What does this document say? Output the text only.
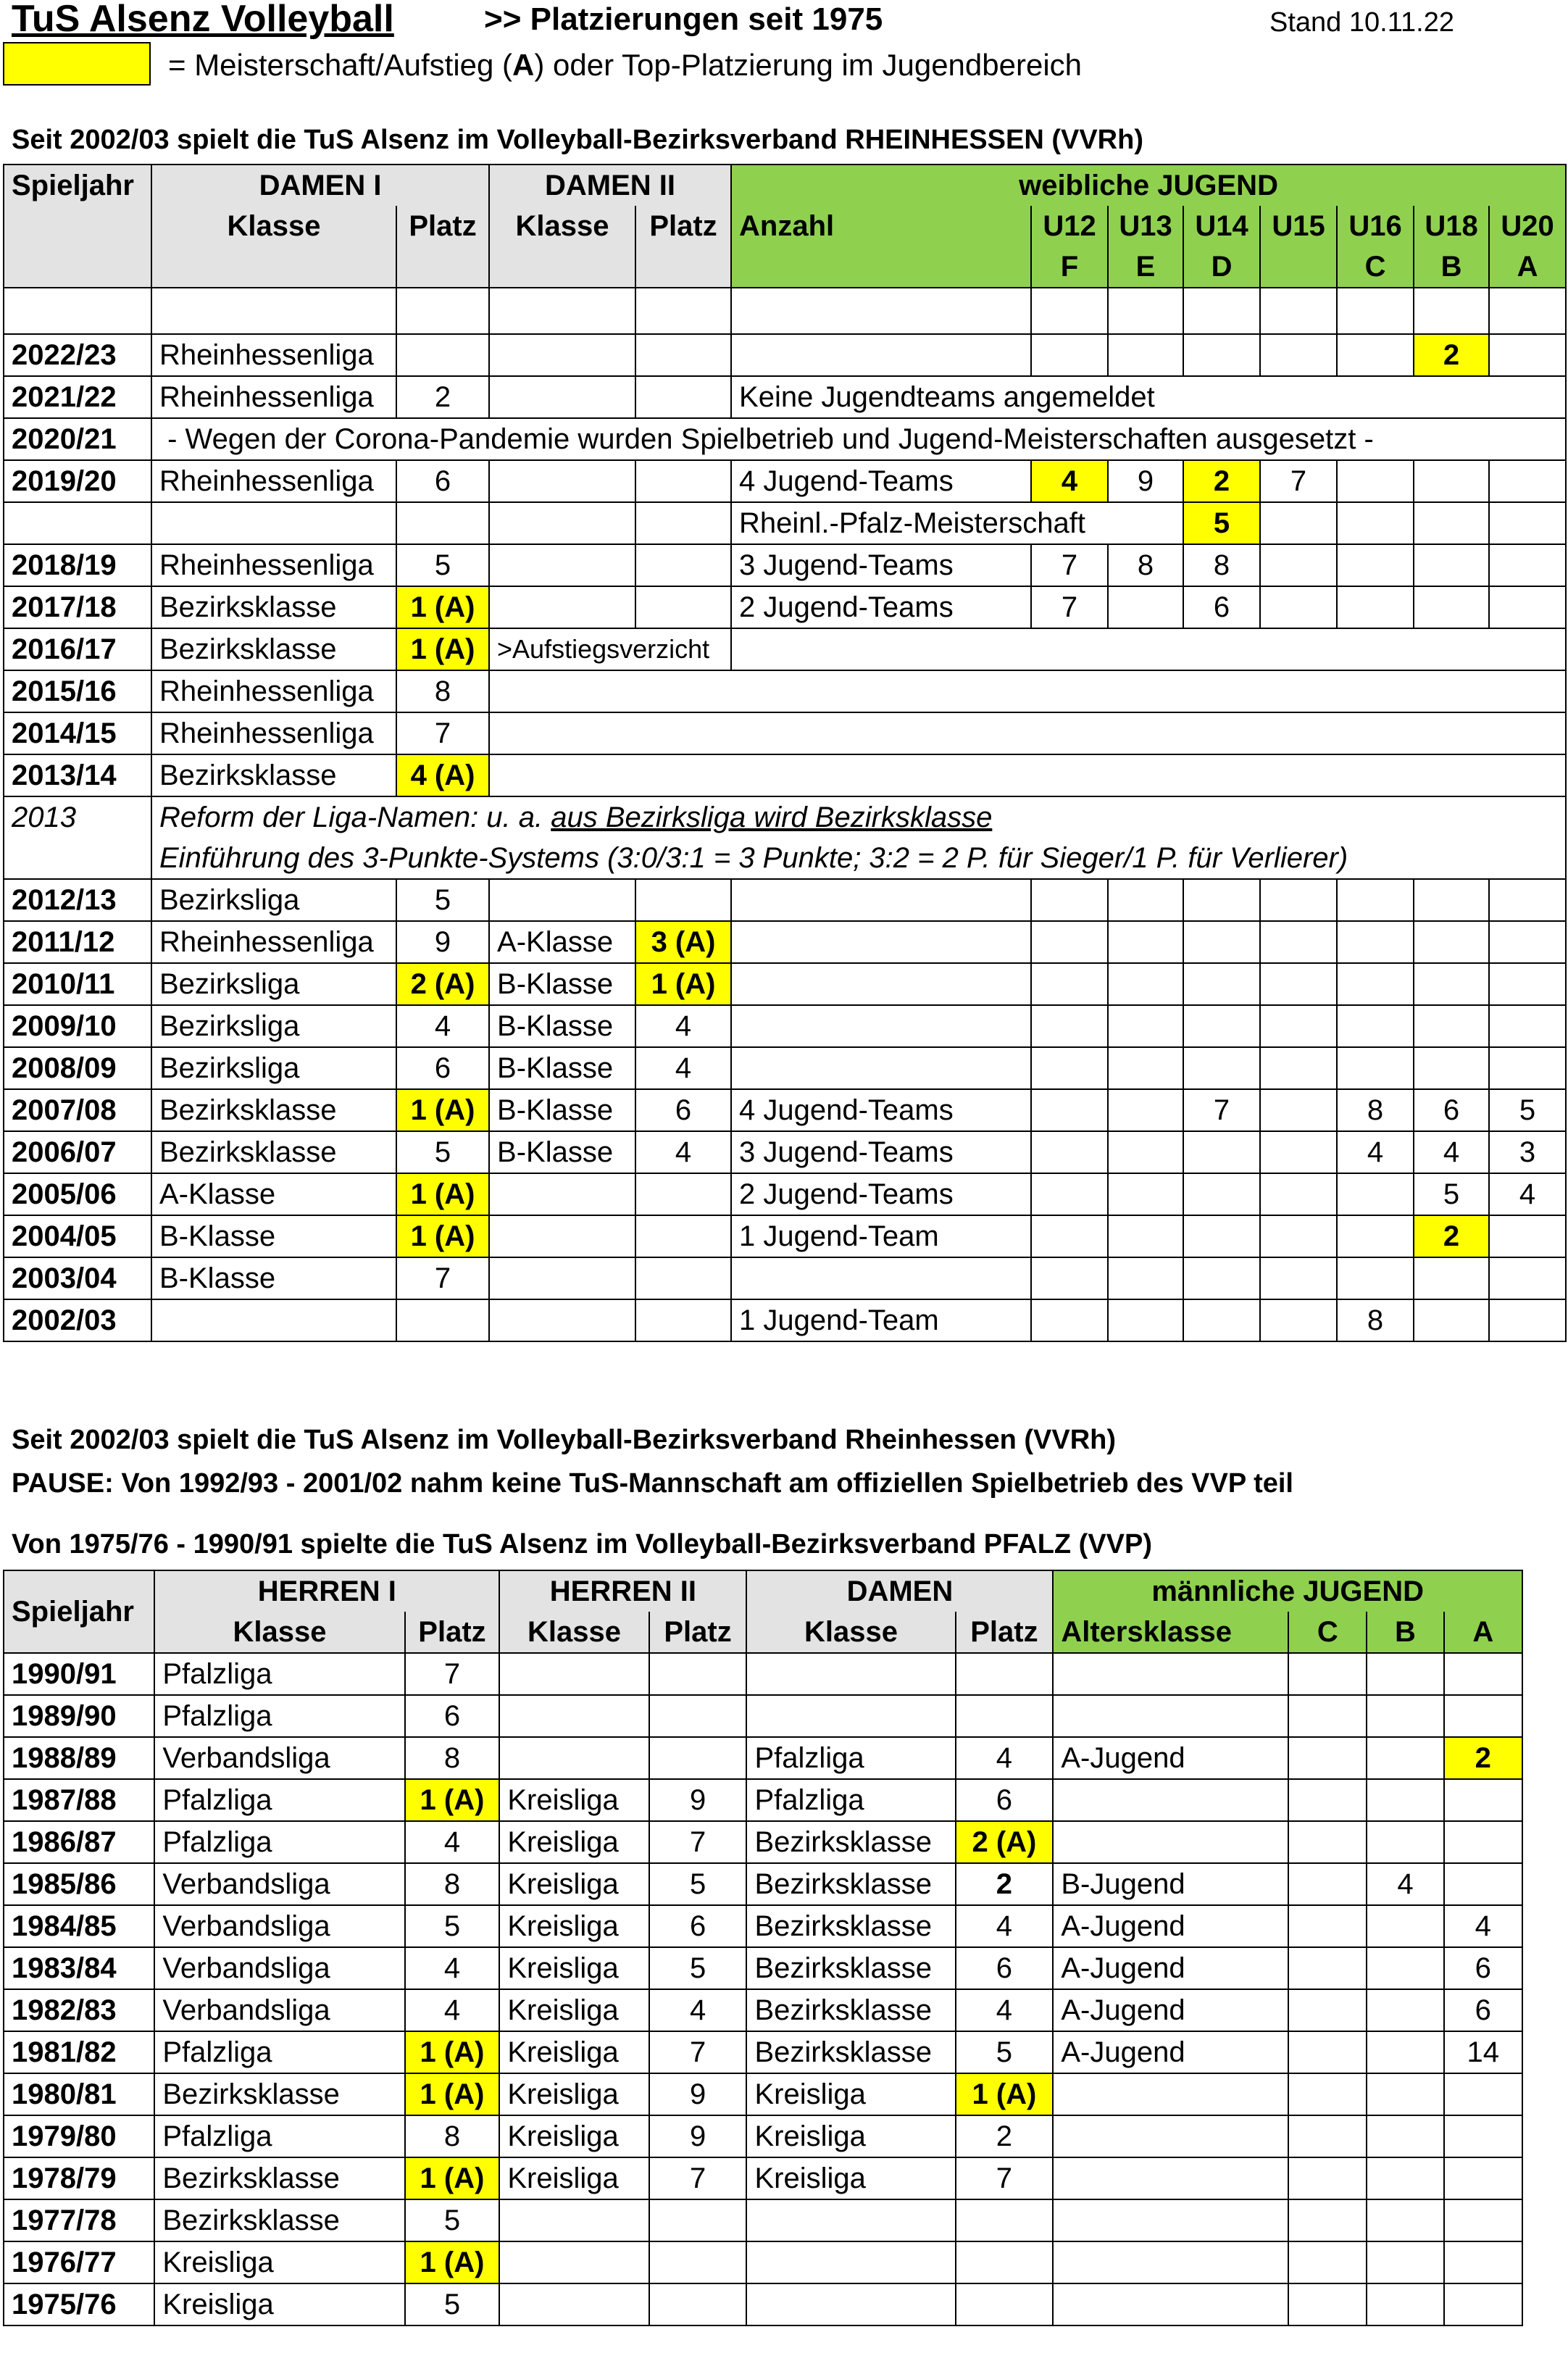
TuS Alsenz Volleyball	>> Platzierungen seit 1975	Stand 10.11.22
= Meisterschaft/Aufstieg (A) oder Top-Platzierung im Jugendbereich
Seit 2002/03 spielt die TuS Alsenz im Volleyball-Bezirksverband RHEINHESSEN (VVRh)
Spieljahr	DAMEN I		DAMEN II		weibliche JUGEND							
	Klasse	Platz	Klasse	Platz	Anzahl	U12	U13	U14	U15	U16	U18	U20
						F	E	D		C	B	A

2022/23	Rheinhessenliga										2	
2021/22	Rheinhessenliga	2			Keine Jugendteams angemeldet							
2020/21	- Wegen der Corona-Pandemie wurden Spielbetrieb und Jugend-Meisterschaften ausgesetzt -											
2019/20	Rheinhessenliga	6			4 Jugend-Teams	4	9	2	7			
					Rheinl.-Pfalz-Meisterschaft			5				
2018/19	Rheinhessenliga	5			3 Jugend-Teams	7	8	8				
2017/18	Bezirksklasse	1 (A)			2 Jugend-Teams	7		6				
2016/17	Bezirksklasse	1 (A)	>Aufstiegsverzicht									
2015/16	Rheinhessenliga	8										
2014/15	Rheinhessenliga	7										
2013/14	Bezirksklasse	4 (A)										
2013	Reform der Liga-Namen: u. a. aus Bezirksliga wird Bezirksklasse
Einführung des 3-Punkte-Systems (3:0/3:1 = 3 Punkte; 3:2 = 2 P. für Sieger/1 P. für Verlierer)											
2012/13	Bezirksliga	5										
2011/12	Rheinhessenliga	9	A-Klasse	3 (A)								
2010/11	Bezirksliga	2 (A)	B-Klasse	1 (A)								
2009/10	Bezirksliga	4	B-Klasse	4								
2008/09	Bezirksliga	6	B-Klasse	4								
2007/08	Bezirksklasse	1 (A)	B-Klasse	6	4 Jugend-Teams			7		8	6	5
2006/07	Bezirksklasse	5	B-Klasse	4	3 Jugend-Teams					4	4	3
2005/06	A-Klasse	1 (A)			2 Jugend-Teams						5	4
2004/05	B-Klasse	1 (A)			1 Jugend-Team						2	
2003/04	B-Klasse	7										
2002/03					1 Jugend-Team					8		
Seit 2002/03 spielt die TuS Alsenz im Volleyball-Bezirksverband Rheinhessen (VVRh)
PAUSE: Von 1992/93 - 2001/02 nahm keine TuS-Mannschaft am offiziellen Spielbetrieb des VVP teil
Von 1975/76 - 1990/91 spielte die TuS Alsenz im Volleyball-Bezirksverband PFALZ (VVP)
Spieljahr	HERREN I		HERREN II		DAMEN		männliche JUGEND			
	Klasse	Platz	Klasse	Platz	Klasse	Platz	Altersklasse	C	B	A
1990/91	Pfalzliga	7								
1989/90	Pfalzliga	6								
1988/89	Verbandsliga	8			Pfalzliga	4	A-Jugend			2
1987/88	Pfalzliga	1 (A)	Kreisliga	9	Pfalzliga	6				
1986/87	Pfalzliga	4	Kreisliga	7	Bezirksklasse	2 (A)				
1985/86	Verbandsliga	8	Kreisliga	5	Bezirksklasse	2	B-Jugend		4	
1984/85	Verbandsliga	5	Kreisliga	6	Bezirksklasse	4	A-Jugend			4
1983/84	Verbandsliga	4	Kreisliga	5	Bezirksklasse	6	A-Jugend			6
1982/83	Verbandsliga	4	Kreisliga	4	Bezirksklasse	4	A-Jugend			6
1981/82	Pfalzliga	1 (A)	Kreisliga	7	Bezirksklasse	5	A-Jugend			14
1980/81	Bezirksklasse	1 (A)	Kreisliga	9	Kreisliga	1 (A)				
1979/80	Pfalzliga	8	Kreisliga	9	Kreisliga	2				
1978/79	Bezirksklasse	1 (A)	Kreisliga	7	Kreisliga	7				
1977/78	Bezirksklasse	5								
1976/77	Kreisliga	1 (A)								
1975/76	Kreisliga	5								
